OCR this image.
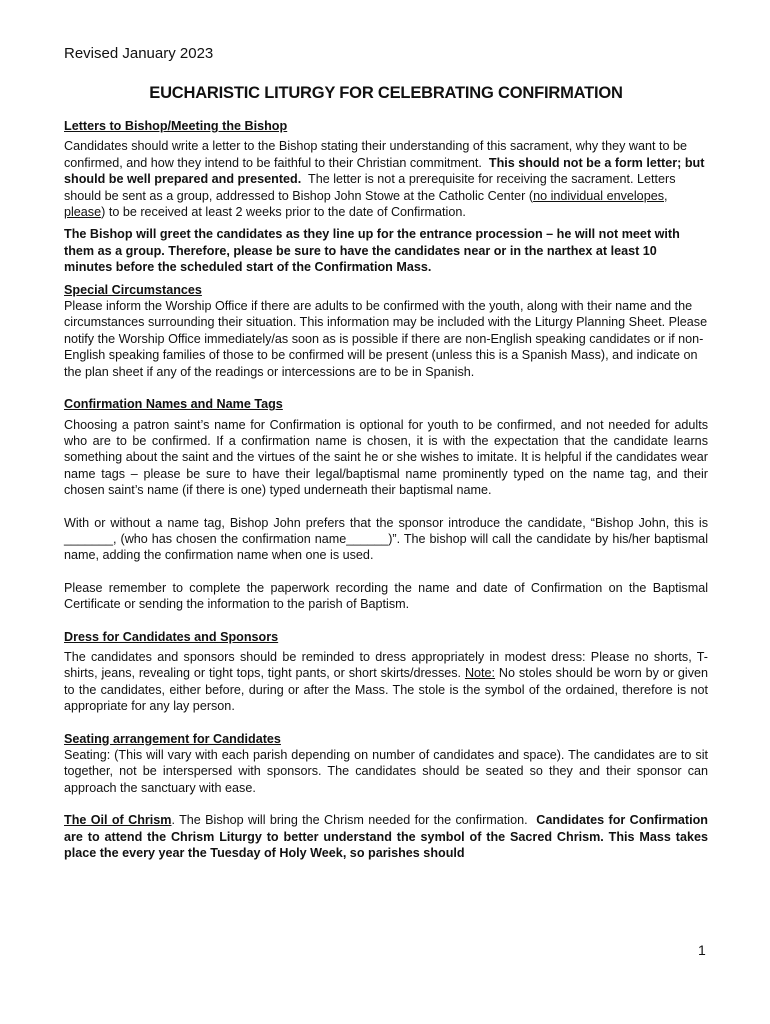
Revised January 2023
EUCHARISTIC LITURGY FOR CELEBRATING CONFIRMATION

Letters to Bishop/Meeting the Bishop

Candidates should write a letter to the Bishop stating their understanding of this sacrament, why they want to be confirmed, and how they intend to be faithful to their Christian commitment. This should not be a form letter; but should be well prepared and presented. The letter is not a prerequisite for receiving the sacrament. Letters should be sent as a group, addressed to Bishop John Stowe at the Catholic Center (no individual envelopes, please) to be received at least 2 weeks prior to the date of Confirmation.

The Bishop will greet the candidates as they line up for the entrance procession – he will not meet with them as a group. Therefore, please be sure to have the candidates near or in the narthex at least 10 minutes before the scheduled start of the Confirmation Mass.

Special Circumstances

Please inform the Worship Office if there are adults to be confirmed with the youth, along with their name and the circumstances surrounding their situation. This information may be included with the Liturgy Planning Sheet. Please notify the Worship Office immediately/as soon as is possible if there are non-English speaking candidates or if non-English speaking families of those to be confirmed will be present (unless this is a Spanish Mass), and indicate on the plan sheet if any of the readings or intercessions are to be in Spanish.

Confirmation Names and Name Tags

Choosing a patron saint’s name for Confirmation is optional for youth to be confirmed, and not needed for adults who are to be confirmed. If a confirmation name is chosen, it is with the expectation that the candidate learns something about the saint and the virtues of the saint he or she wishes to imitate. It is helpful if the candidates wear name tags – please be sure to have their legal/baptismal name prominently typed on the name tag, and their chosen saint’s name (if there is one) typed underneath their baptismal name.

With or without a name tag, Bishop John prefers that the sponsor introduce the candidate, “Bishop John, this is _______, (who has chosen the confirmation name______)”. The bishop will call the candidate by his/her baptismal name, adding the confirmation name when one is used.

Please remember to complete the paperwork recording the name and date of Confirmation on the Baptismal Certificate or sending the information to the parish of Baptism.

Dress for Candidates and Sponsors

The candidates and sponsors should be reminded to dress appropriately in modest dress: Please no shorts, T-shirts, jeans, revealing or tight tops, tight pants, or short skirts/dresses. Note: No stoles should be worn by or given to the candidates, either before, during or after the Mass. The stole is the symbol of the ordained, therefore is not appropriate for any lay person.

Seating arrangement for Candidates

Seating: (This will vary with each parish depending on number of candidates and space). The candidates are to sit together, not be interspersed with sponsors. The candidates should be seated so they and their sponsor can approach the sanctuary with ease.

The Oil of Chrism. The Bishop will bring the Chrism needed for the confirmation. Candidates for Confirmation are to attend the Chrism Liturgy to better understand the symbol of the Sacred Chrism. This Mass takes place the every year the Tuesday of Holy Week, so parishes should

1
